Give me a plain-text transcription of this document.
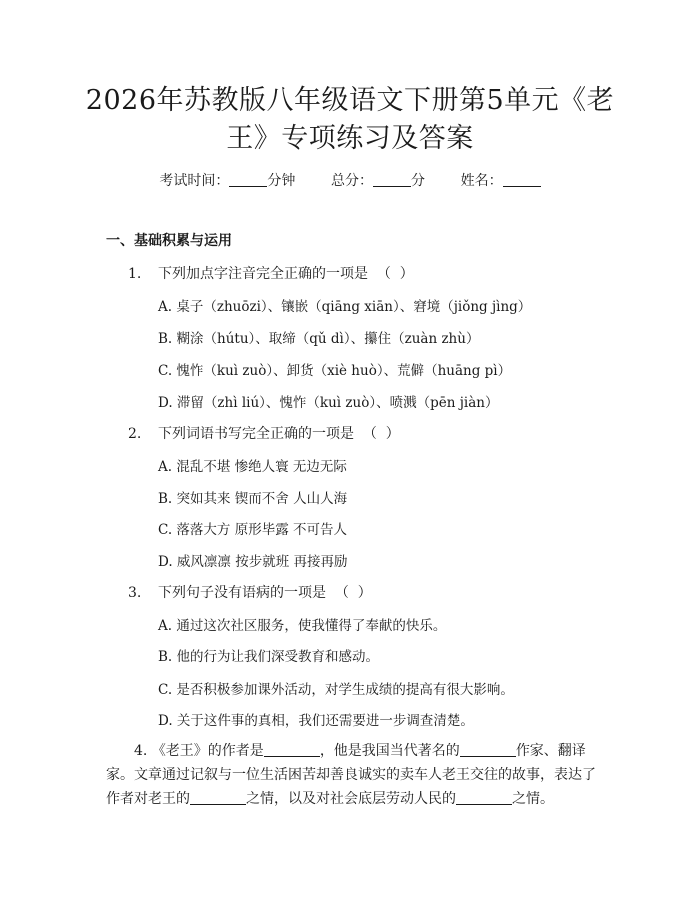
2026年苏教版八年级语文下册第5单元《老
王》专项练习及答案
考试时间：	分钟	总分：	分	姓名：
一、基础积累与运用
1. 下列加点字注音完全正确的一项是  （  ）
A. 桌子（zhuōzi）、镶嵌（qiāng xiān）、窘境（jiǒng jìng）
B. 糊涂（hútu）、取缔（qǔ dì）、攥住（zuàn zhù）
C. 愧怍（kuì zuò）、卸货（xiè huò）、荒僻（huāng pì）
D. 滞留（zhì liú）、愧怍（kuì zuò）、喷溅（pēn jiàn）
2. 下列词语书写完全正确的一项是  （  ）
A. 混乱不堪 惨绝人寰 无边无际
B. 突如其来 锲而不舍 人山人海
C. 落落大方 原形毕露 不可告人
D. 威风凛凛 按步就班 再接再励
3. 下列句子没有语病的一项是  （  ）
A. 通过这次社区服务，使我懂得了奉献的快乐。
B. 他的行为让我们深受教育和感动。
C. 是否积极参加课外活动，对学生成绩的提高有很大影响。
D. 关于这件事的真相，我们还需要进一步调查清楚。
4. 《老王》的作者是	，他是我国当代著名的	作家、翻译家。文章通过记叙与一位生活困苦却善良诚实的卖车人老王交往的故事，表达了作者对老王的	之情，以及对社会底层劳动人民的	之情。
